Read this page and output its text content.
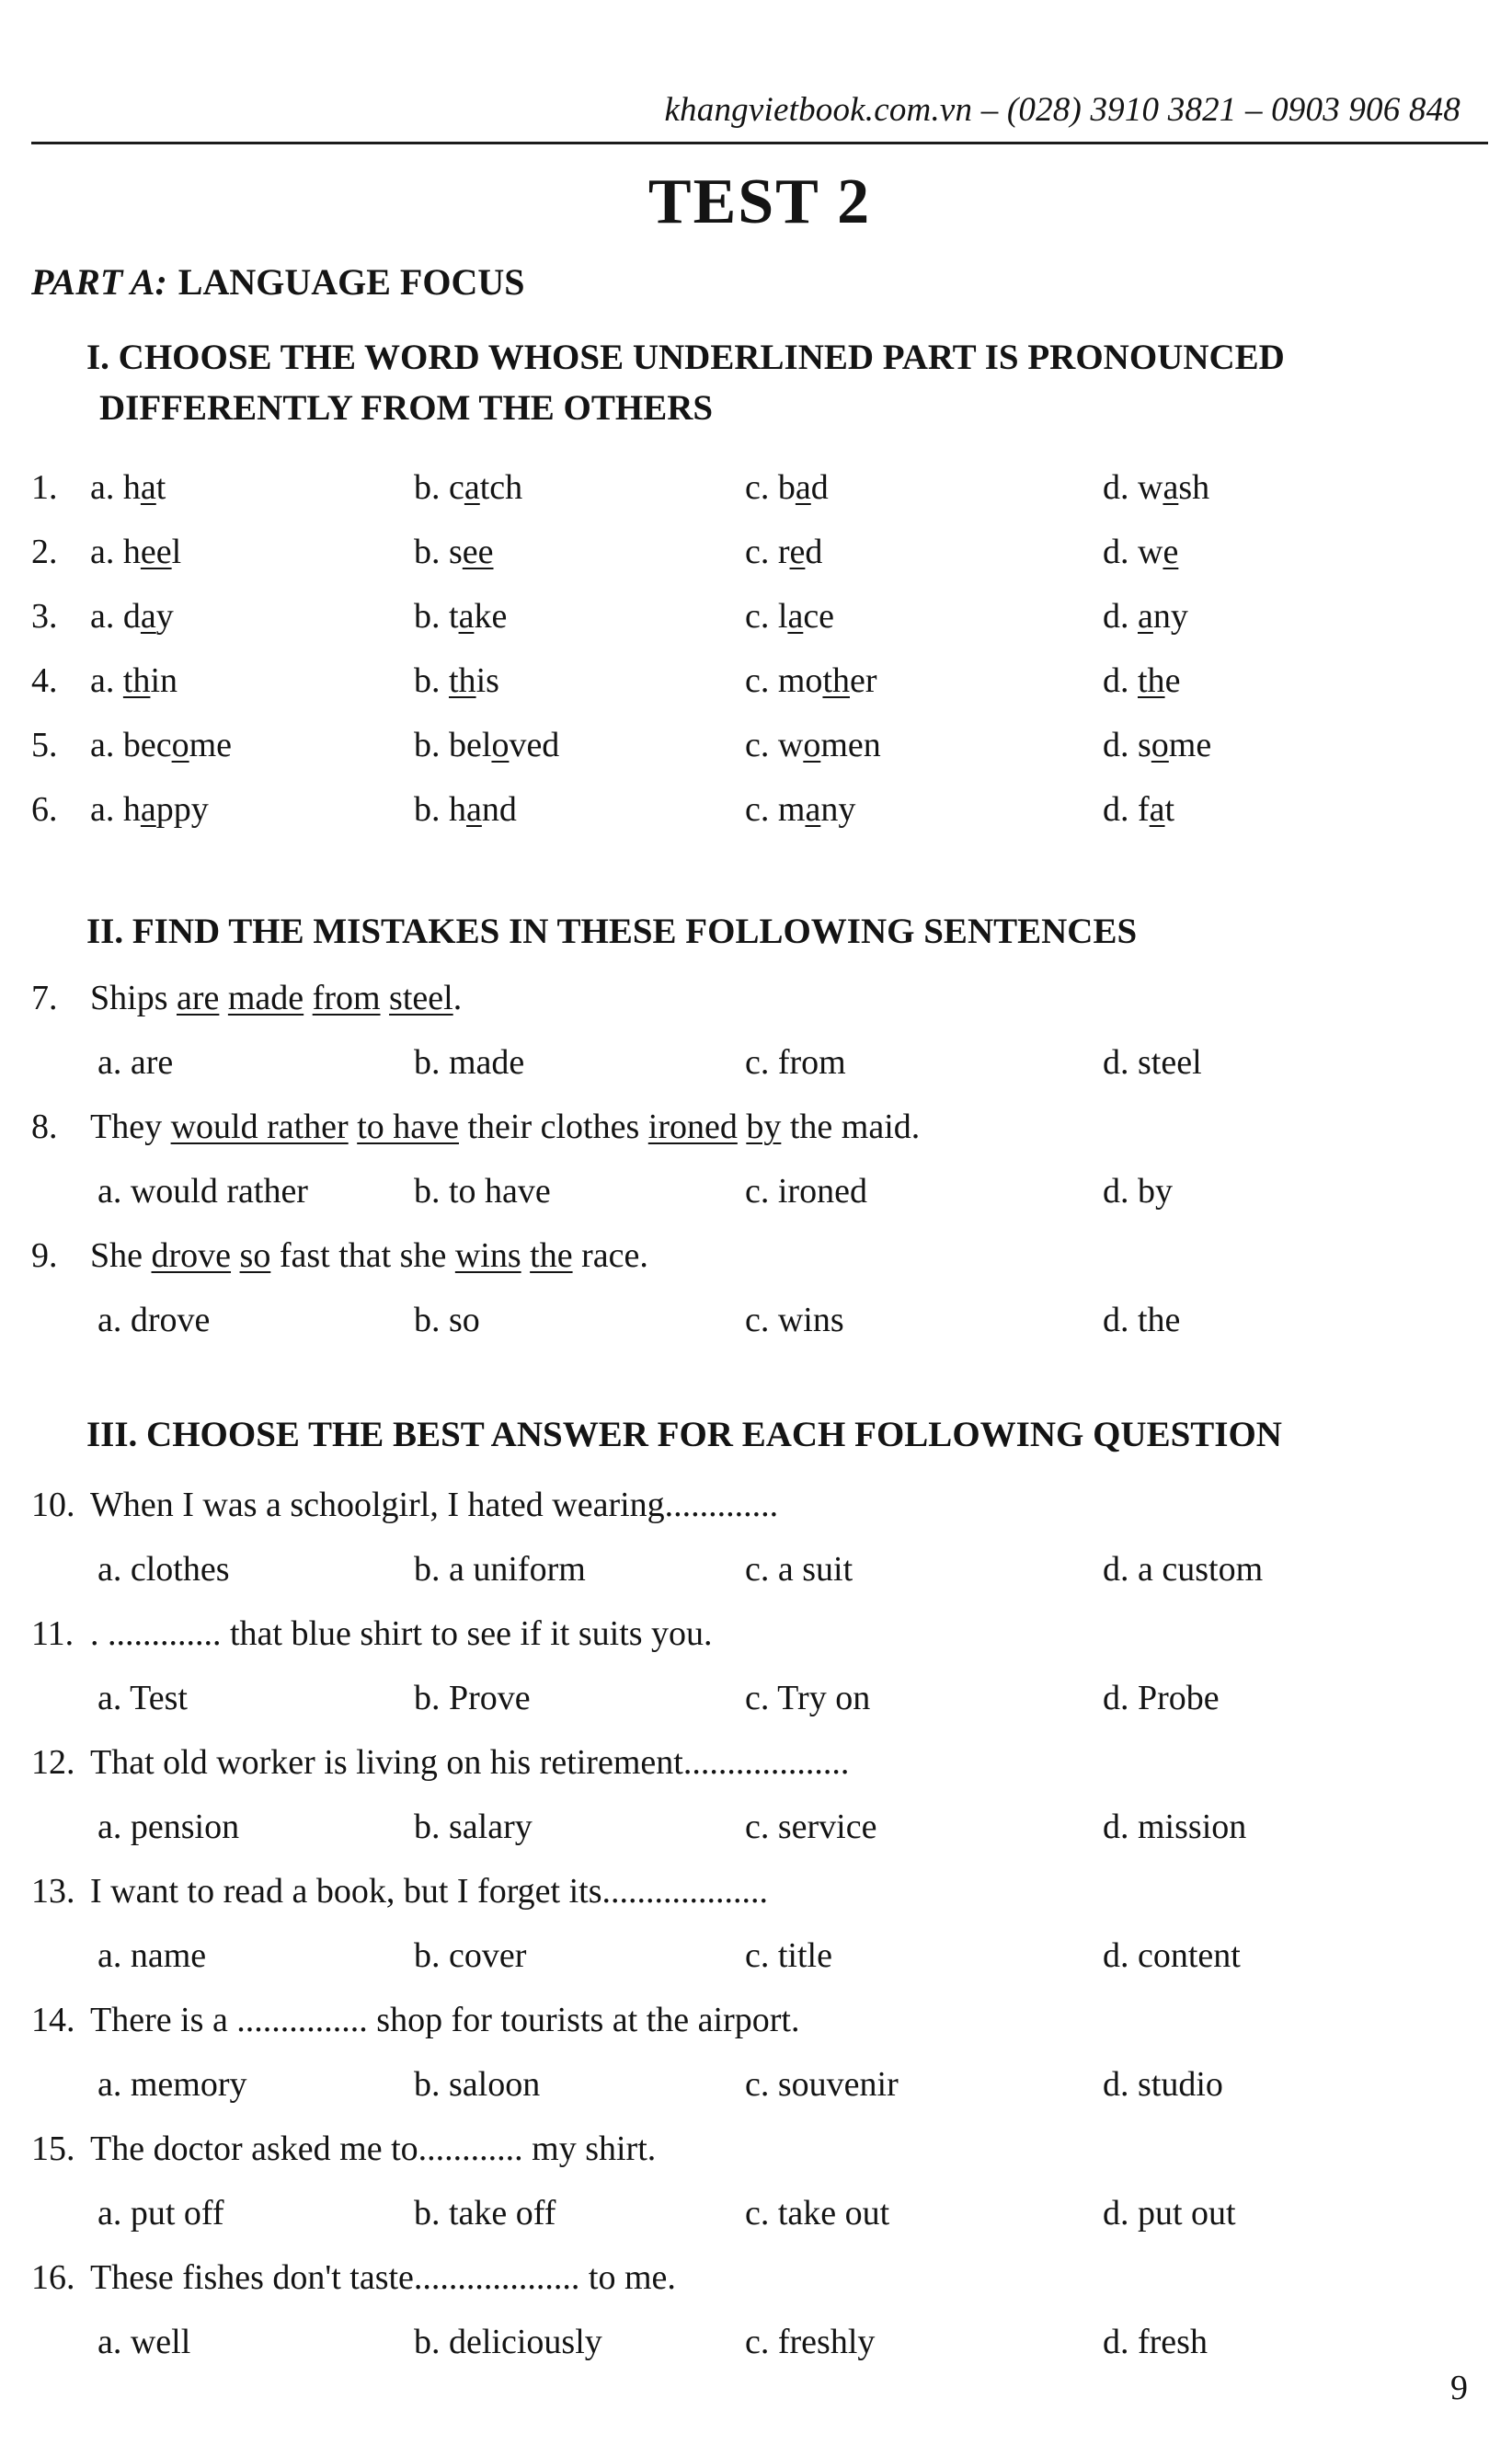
khangvietbook.com.vn – (028) 3910 3821 – 0903 906 848
TEST 2
PART A: LANGUAGE FOCUS
I. CHOOSE THE WORD WHOSE UNDERLINED PART IS PRONOUNCED
DIFFERENTLY FROM THE OTHERS
1. a. hat	b. catch	c. bad	d. wash
2. a. heel	b. see	c. red	d. we
3. a. day	b. take	c. lace	d. any
4. a. thin	b. this	c. mother	d. the
5. a. become	b. beloved	c. women	d. some
6. a. happy	b. hand	c. many	d. fat
II. FIND THE MISTAKES IN THESE FOLLOWING SENTENCES
7. Ships are made from steel.
a. are	b. made	c. from	d. steel
8. They would rather to have their clothes ironed by the maid.
a. would rather	b. to have	c. ironed	d. by
9. She drove so fast that she wins the race.
a. drove	b. so	c. wins	d. the
III. CHOOSE THE BEST ANSWER FOR EACH FOLLOWING QUESTION
10. When I was a schoolgirl, I hated wearing.............
a. clothes	b. a uniform	c. a suit	d. a custom
11. . ............. that blue shirt to see if it suits you.
a. Test	b. Prove	c. Try on	d. Probe
12. That old worker is living on his retirement...................
a. pension	b. salary	c. service	d. mission
13. I want to read a book, but I forget its...................
a. name	b. cover	c. title	d. content
14. There is a ............... shop for tourists at the airport.
a. memory	b. saloon	c. souvenir	d. studio
15. The doctor asked me to............ my shirt.
a. put off	b. take off	c. take out	d. put out
16. These fishes don't taste................... to me.
a. well	b. deliciously	c. freshly	d. fresh
9
